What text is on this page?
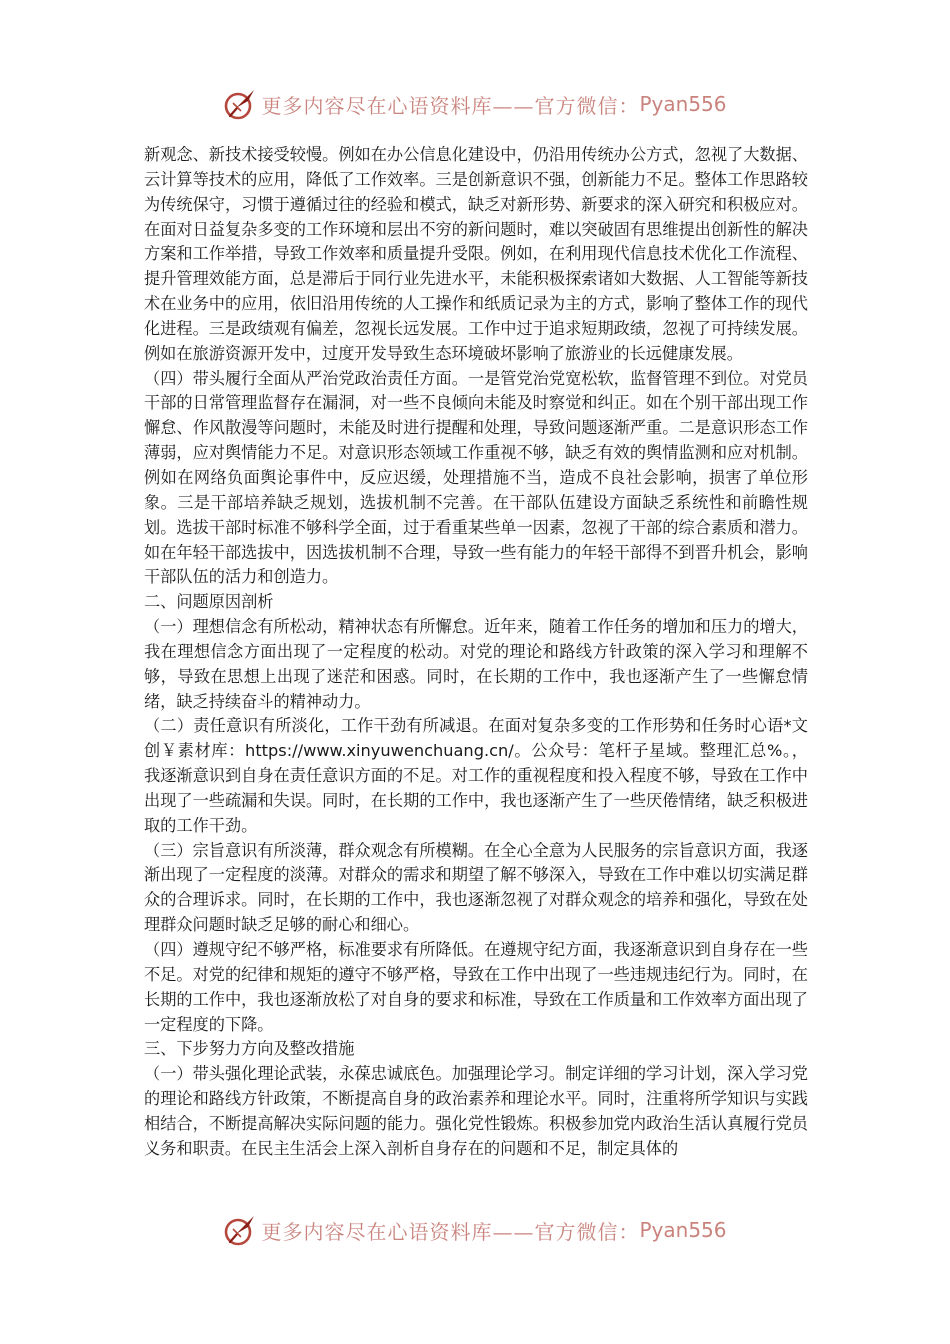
更多内容尽在心语资料库——官方微信： Pyan556

新观念、新技术接受较慢。例如在办公信息化建设中，仍沿用传统办公方式，忽视了大数据、云计算等技术的应用，降低了工作效率。三是创新意识不强，创新能力不足。整体工作思路较为传统保守，习惯于遵循过往的经验和模式，缺乏对新形势、新要求的深入研究和积极应对。在面对日益复杂多变的工作环境和层出不穷的新问题时，难以突破固有思维提出创新性的解决方案和工作举措，导致工作效率和质量提升受限。例如，在利用现代信息技术优化工作流程、提升管理效能方面，总是滞后于同行业先进水平，未能积极探索诸如大数据、人工智能等新技术在业务中的应用，依旧沿用传统的人工操作和纸质记录为主的方式，影响了整体工作的现代化进程。三是政绩观有偏差，忽视长远发展。工作中过于追求短期政绩，忽视了可持续发展。例如在旅游资源开发中，过度开发导致生态环境破坏影响了旅游业的长远健康发展。

（四）带头履行全面从严治党政治责任方面。一是管党治党宽松软，监督管理不到位。对党员干部的日常管理监督存在漏洞，对一些不良倾向未能及时察觉和纠正。如在个别干部出现工作懈怠、作风散漫等问题时，未能及时进行提醒和处理，导致问题逐渐严重。二是意识形态工作薄弱，应对舆情能力不足。对意识形态领域工作重视不够，缺乏有效的舆情监测和应对机制。例如在网络负面舆论事件中，反应迟缓，处理措施不当，造成不良社会影响，损害了单位形象。三是干部培养缺乏规划，选拔机制不完善。在干部队伍建设方面缺乏系统性和前瞻性规划。选拔干部时标准不够科学全面，过于看重某些单一因素，忽视了干部的综合素质和潜力。如在年轻干部选拔中，因选拔机制不合理，导致一些有能力的年轻干部得不到晋升机会，影响干部队伍的活力和创造力。

二、问题原因剖析

（一）理想信念有所松动，精神状态有所懈怠。近年来，随着工作任务的增加和压力的增大，我在理想信念方面出现了一定程度的松动。对党的理论和路线方针政策的深入学习和理解不够，导致在思想上出现了迷茫和困惑。同时，在长期的工作中，我也逐渐产生了一些懈怠情绪，缺乏持续奋斗的精神动力。

（二）责任意识有所淡化，工作干劲有所减退。在面对复杂多变的工作形势和任务时心语*文创￥素材库：https://www.xinyuwenchuang.cn/。公众号：笔杆子星域。整理汇总%。，我逐渐意识到自身在责任意识方面的不足。对工作的重视程度和投入程度不够，导致在工作中出现了一些疏漏和失误。同时，在长期的工作中，我也逐渐产生了一些厌倦情绪，缺乏积极进取的工作干劲。

（三）宗旨意识有所淡薄，群众观念有所模糊。在全心全意为人民服务的宗旨意识方面，我逐渐出现了一定程度的淡薄。对群众的需求和期望了解不够深入，导致在工作中难以切实满足群众的合理诉求。同时，在长期的工作中，我也逐渐忽视了对群众观念的培养和强化，导致在处理群众问题时缺乏足够的耐心和细心。

（四）遵规守纪不够严格，标准要求有所降低。在遵规守纪方面，我逐渐意识到自身存在一些不足。对党的纪律和规矩的遵守不够严格，导致在工作中出现了一些违规违纪行为。同时，在长期的工作中，我也逐渐放松了对自身的要求和标准，导致在工作质量和工作效率方面出现了一定程度的下降。

三、下步努力方向及整改措施

（一）带头强化理论武装，永葆忠诚底色。加强理论学习。制定详细的学习计划，深入学习党的理论和路线方针政策，不断提高自身的政治素养和理论水平。同时，注重将所学知识与实践相结合，不断提高解决实际问题的能力。强化党性锻炼。积极参加党内政治生活认真履行党员义务和职责。在民主生活会上深入剖析自身存在的问题和不足，制定具体的

更多内容尽在心语资料库——官方微信： Pyan556
